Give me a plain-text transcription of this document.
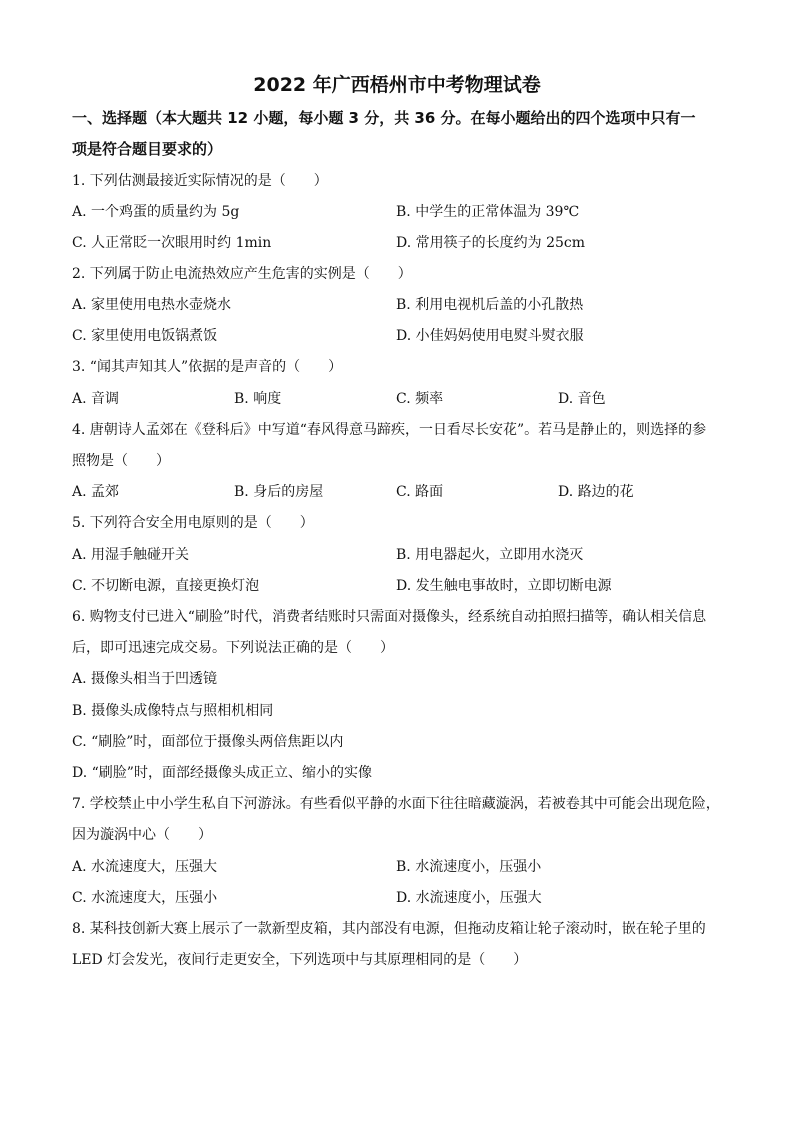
2022 年广西梧州市中考物理试卷
一、选择题（本大题共 12 小题，每小题 3 分，共 36 分。在每小题给出的四个选项中只有一
项是符合题目要求的）
1. 下列估测最接近实际情况的是（　　）
A. 一个鸡蛋的质量约为 5g	B. 中学生的正常体温为 39℃
C. 人正常眨一次眼用时约 1min	D. 常用筷子的长度约为 25cm
2. 下列属于防止电流热效应产生危害的实例是（　　）
A. 家里使用电热水壶烧水	B. 利用电视机后盖的小孔散热
C. 家里使用电饭锅煮饭	D. 小佳妈妈使用电熨斗熨衣服
3. “闻其声知其人”依据的是声音的（　　）
A. 音调	B. 响度	C. 频率	D. 音色
4. 唐朝诗人孟郊在《登科后》中写道“春风得意马蹄疾，一日看尽长安花”。若马是静止的，则选择的参
照物是（　　）
A. 孟郊	B. 身后的房屋	C. 路面	D. 路边的花
5. 下列符合安全用电原则的是（　　）
A. 用湿手触碰开关	B. 用电器起火，立即用水浇灭
C. 不切断电源，直接更换灯泡	D. 发生触电事故时，立即切断电源
6. 购物支付已进入“刷脸”时代，消费者结账时只需面对摄像头，经系统自动拍照扫描等，确认相关信息
后，即可迅速完成交易。下列说法正确的是（　　）
A. 摄像头相当于凹透镜
B. 摄像头成像特点与照相机相同
C. “刷脸”时，面部位于摄像头两倍焦距以内
D. “刷脸”时，面部经摄像头成正立、缩小的实像
7. 学校禁止中小学生私自下河游泳。有些看似平静的水面下往往暗藏漩涡，若被卷其中可能会出现危险，
因为漩涡中心（　　）
A. 水流速度大，压强大	B. 水流速度小，压强小
C. 水流速度大，压强小	D. 水流速度小，压强大
8. 某科技创新大赛上展示了一款新型皮箱，其内部没有电源，但拖动皮箱让轮子滚动时，嵌在轮子里的
LED 灯会发光，夜间行走更安全，下列选项中与其原理相同的是（　　）
